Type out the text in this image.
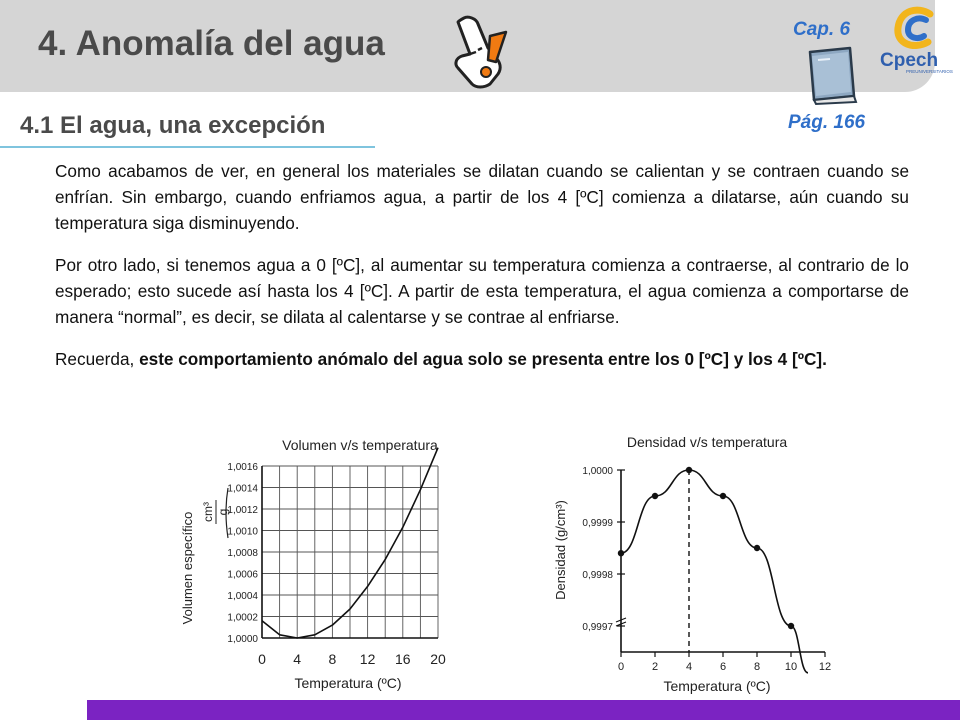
4. Anomalía del agua	Cap. 6
Pág. 166
Cpech
PREUNIVERSITARIOS
4.1 El agua, una excepción

Como acabamos de ver, en general los materiales se dilatan cuando se calientan y se contraen cuando se enfrían. Sin embargo, cuando enfriamos agua, a partir de los 4 [ºC] comienza a dilatarse, aún cuando su temperatura siga disminuyendo.

Por otro lado, si tenemos agua a 0 [ºC], al aumentar su temperatura comienza a contraerse, al contrario de lo esperado; esto sucede así hasta los 4 [ºC]. A partir de esta temperatura, el agua comienza a comportarse de manera “normal”, es decir, se dilata al calentarse y se contrae al enfriarse.

Recuerda, este comportamiento anómalo del agua solo se presenta entre los 0 [ºC] y los 4 [ºC].

Volumen v/s temperatura
1,0000
1,0002
1,0004
1,0006
1,0008
1,0010
1,0012
1,0014
1,0016
0 4 8 12 16 20
Temperatura (ºC)
Volumen específico cm³ g
Densidad v/s temperatura
0,9997
0,9998
0,9999
1,0000
0	2	4	6	8 10 12
Temperatura (ºC)
Densidad (g/cm³)
